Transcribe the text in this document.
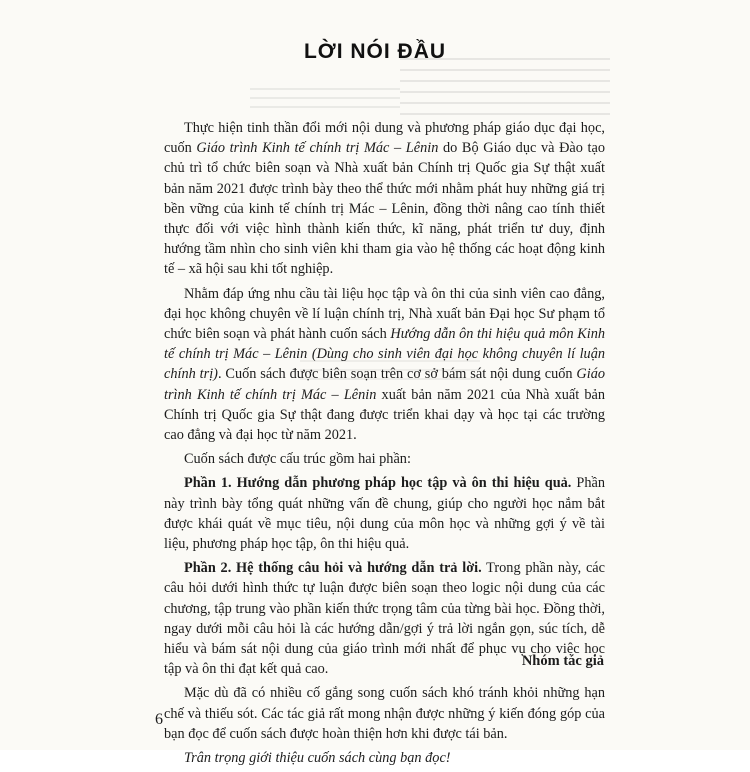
LỜI NÓI ĐẦU

Thực hiện tinh thần đổi mới nội dung và phương pháp giáo dục đại học, cuốn Giáo trình Kinh tế chính trị Mác – Lênin do Bộ Giáo dục và Đào tạo chủ trì tổ chức biên soạn và Nhà xuất bản Chính trị Quốc gia Sự thật xuất bản năm 2021 được trình bày theo thể thức mới nhằm phát huy những giá trị bền vững của kinh tế chính trị Mác – Lênin, đồng thời nâng cao tính thiết thực đối với việc hình thành kiến thức, kĩ năng, phát triển tư duy, định hướng tầm nhìn cho sinh viên khi tham gia vào hệ thống các hoạt động kinh tế – xã hội sau khi tốt nghiệp.

Nhằm đáp ứng nhu cầu tài liệu học tập và ôn thi của sinh viên cao đẳng, đại học không chuyên về lí luận chính trị, Nhà xuất bản Đại học Sư phạm tổ chức biên soạn và phát hành cuốn sách Hướng dẫn ôn thi hiệu quả môn Kinh tế chính trị Mác – Lênin (Dùng cho sinh viên đại học không chuyên lí luận chính trị). Cuốn sách được biên soạn trên cơ sở bám sát nội dung cuốn Giáo trình Kinh tế chính trị Mác – Lênin xuất bản năm 2021 của Nhà xuất bản Chính trị Quốc gia Sự thật đang được triển khai dạy và học tại các trường cao đẳng và đại học từ năm 2021.

Cuốn sách được cấu trúc gồm hai phần:

Phần 1. Hướng dẫn phương pháp học tập và ôn thi hiệu quả. Phần này trình bày tổng quát những vấn đề chung, giúp cho người học nắm bắt được khái quát về mục tiêu, nội dung của môn học và những gợi ý về tài liệu, phương pháp học tập, ôn thi hiệu quả.

Phần 2. Hệ thống câu hỏi và hướng dẫn trả lời. Trong phần này, các câu hỏi dưới hình thức tự luận được biên soạn theo logic nội dung của các chương, tập trung vào phần kiến thức trọng tâm của từng bài học. Đồng thời, ngay dưới mỗi câu hỏi là các hướng dẫn/gợi ý trả lời ngắn gọn, súc tích, dễ hiểu và bám sát nội dung của giáo trình mới nhất để phục vụ cho việc học tập và ôn thi đạt kết quả cao.

Mặc dù đã có nhiều cố gắng song cuốn sách khó tránh khỏi những hạn chế và thiếu sót. Các tác giả rất mong nhận được những ý kiến đóng góp của bạn đọc để cuốn sách được hoàn thiện hơn khi được tái bản.

Trân trọng giới thiệu cuốn sách cùng bạn đọc!

Nhóm tác giả
6
